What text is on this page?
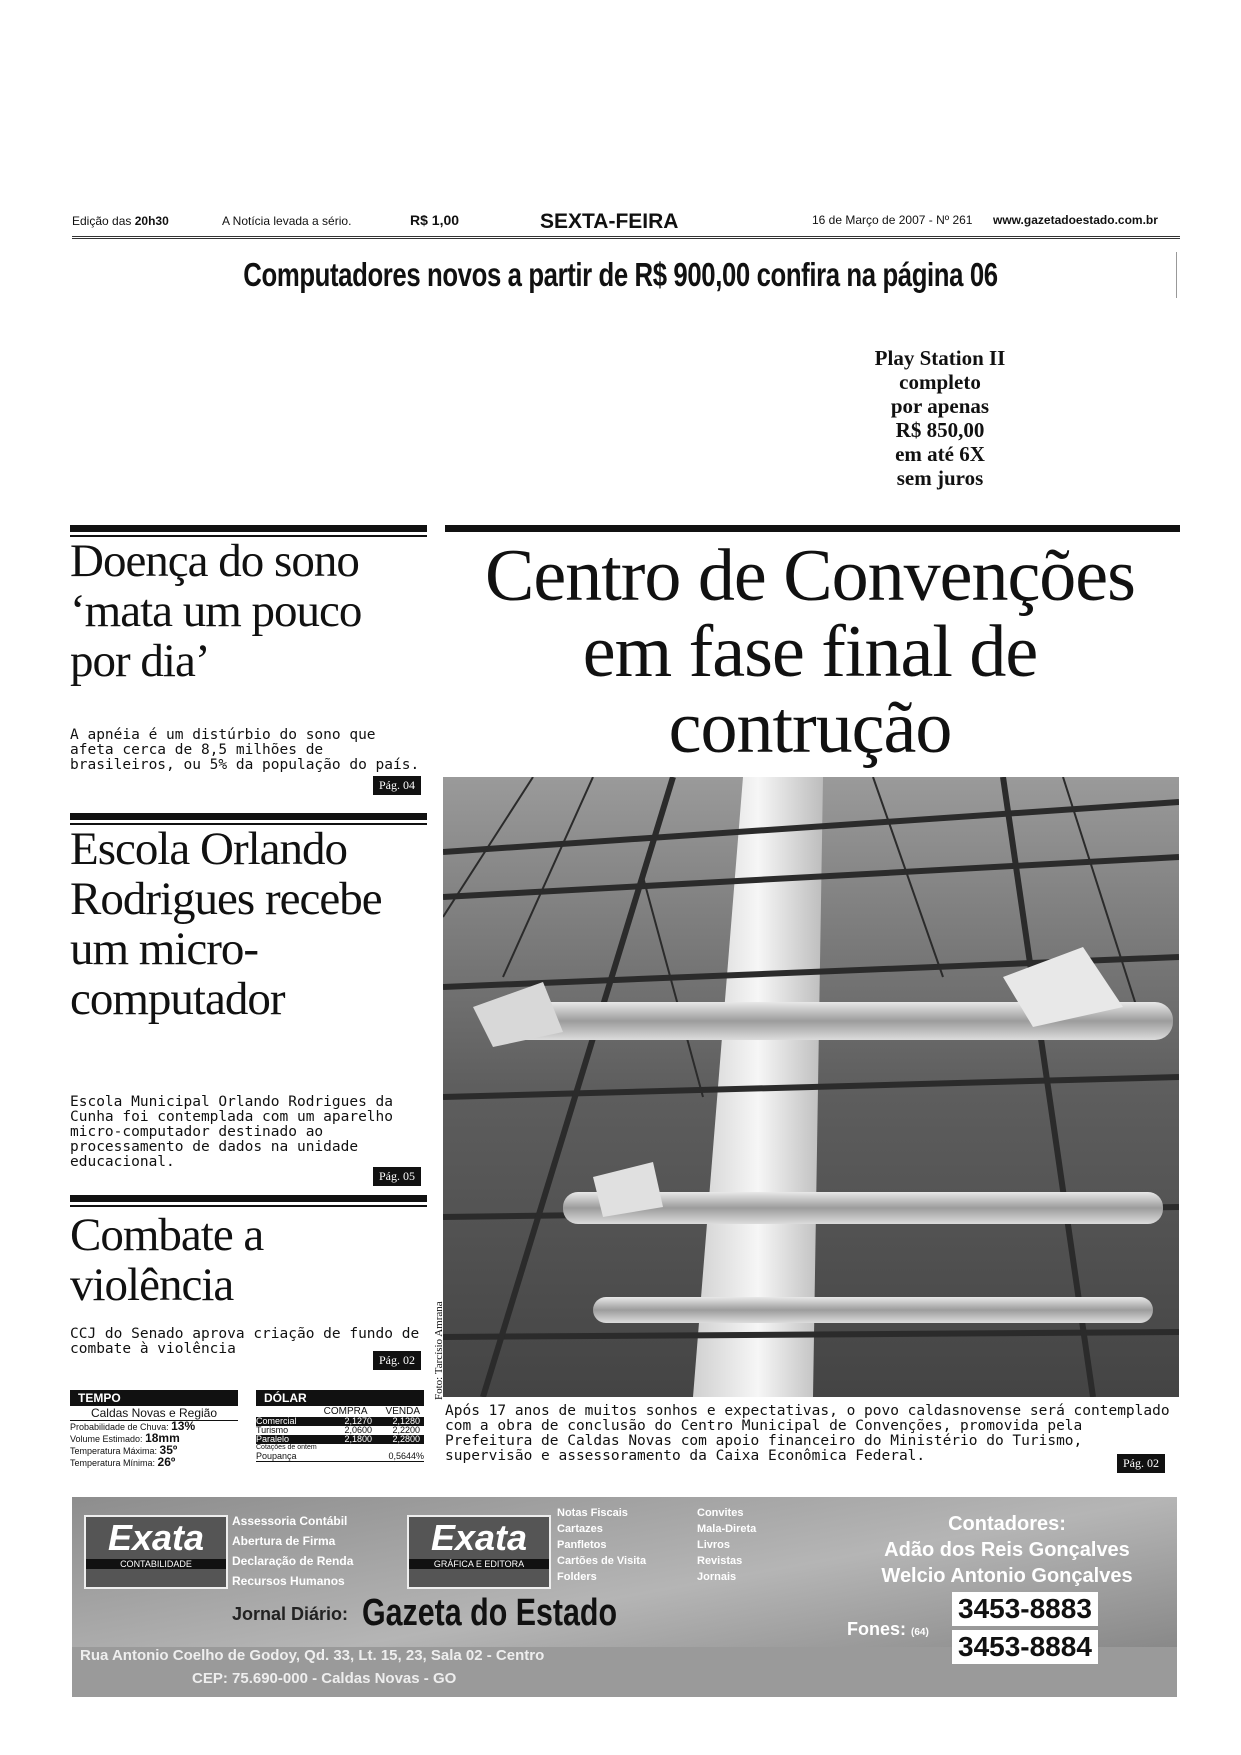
Edição das 20h30	A Notícia levada a sério.	R$ 1,00	SEXTA-FEIRA	16 de Março de 2007 - Nº 261 www.gazetadoestado.com.br
Computadores novos a partir de R$ 900,00 confira na página 06
Play Station II
completo
por apenas
R$ 850,00
em até 6X
sem juros
Doença do sono ‘mata um pouco por dia’
A apnéia é um distúrbio do sono que afeta cerca de 8,5 milhões de brasileiros, ou 5% da população do país.
Pág. 04
Escola Orlando Rodrigues recebe um micro-computador
Escola Municipal Orlando Rodrigues da Cunha foi contemplada com um aparelho micro-computador destinado ao processamento de dados na unidade educacional.
Pág. 05
Combate a violência
CCJ do Senado aprova criação de fundo de combate à violência
Pág. 02
Centro de Convenções em fase final de contrução
Foto: Tarcísio Amrana
Após 17 anos de muitos sonhos e expectativas, o povo caldasnovense será contemplado com a obra de conclusão do Centro Municipal de Convenções, promovida pela Prefeitura de Caldas Novas com apoio financeiro do Ministério do Turismo, supervisão e assessoramento da Caixa Econômica Federal.	Pág. 02
TEMPO
Caldas Novas e Região
Probabilidade de Chuva: 13%
Volume Estimado: 18mm
Temperatura Máxima: 35º
Temperatura Mínima: 26º
DÓLAR
COMPRA VENDA
Comercial	2,1270	2,1280
Turismo	2,0600	2,2200
Paralelo	2,1800	2,2800
Cotações de ontem
Poupança	0,5644%
Exata
CONTABILIDADE
Assessoria Contábil
Abertura de Firma
Declaração de Renda
Recursos Humanos
Exata
GRÁFICA E EDITORA
Notas Fiscais
Cartazes
Panfletos
Cartões de Visita
Folders
Convites
Mala-Direta
Livros
Revistas
Jornais
Contadores:
Adão dos Reis Gonçalves
Welcio Antonio Gonçalves
Jornal Diário: Gazeta do Estado	Fones: (64)
3453-8883
3453-8884
Rua Antonio Coelho de Godoy, Qd. 33, Lt. 15, 23, Sala 02 - Centro
CEP: 75.690-000 - Caldas Novas - GO
